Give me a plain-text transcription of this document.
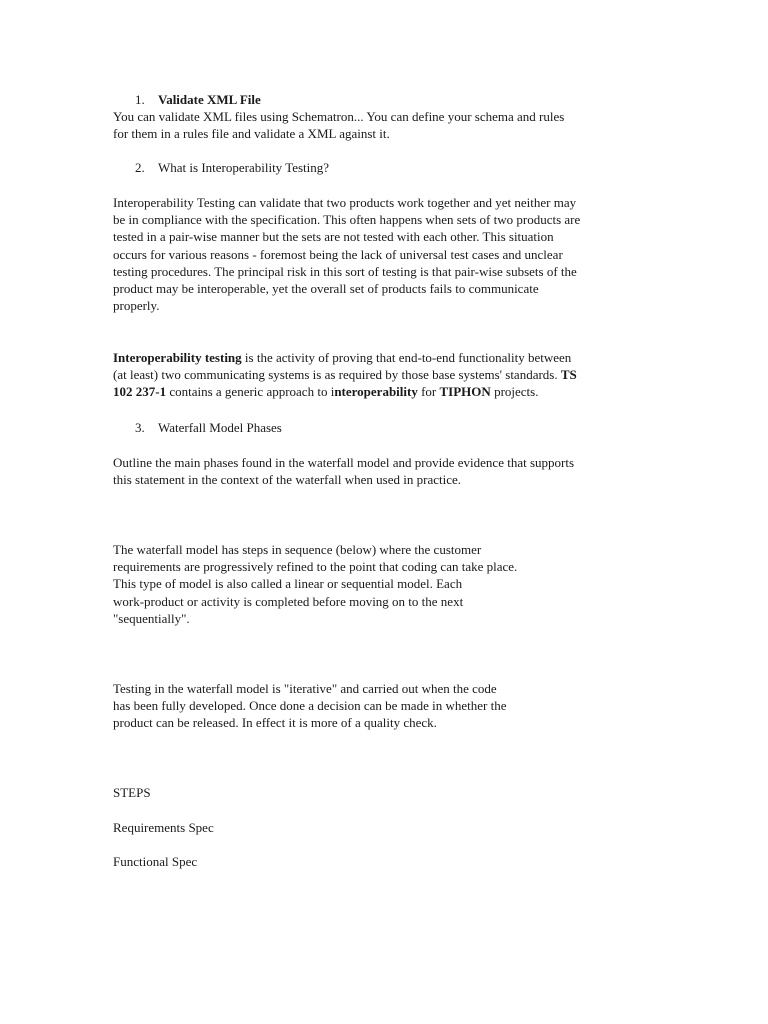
1. Validate XML File

You can validate XML files using Schematron... You can define your schema and rules
for them in a rules file and validate a XML against it.

2. What is Interoperability Testing?

Interoperability Testing can validate that two products work together and yet neither may
be in compliance with the specification. This often happens when sets of two products are
tested in a pair-wise manner but the sets are not tested with each other. This situation
occurs for various reasons - foremost being the lack of universal test cases and unclear
testing procedures. The principal risk in this sort of testing is that pair-wise subsets of the
product may be interoperable, yet the overall set of products fails to communicate
properly.

Interoperability testing is the activity of proving that end-to-end functionality between
(at least) two communicating systems is as required by those base systems' standards. TS
102 237-1 contains a generic approach to interoperability for TIPHON projects.

3. Waterfall Model Phases

Outline the main phases found in the waterfall model and provide evidence that supports
this statement in the context of the waterfall when used in practice.

The waterfall model has steps in sequence (below) where the customer
requirements are progressively refined to the point that coding can take place.
This type of model is also called a linear or sequential model. Each
work-product or activity is completed before moving on to the next
"sequentially".

Testing in the waterfall model is "iterative" and carried out when the code
has been fully developed. Once done a decision can be made in whether the
product can be released. In effect it is more of a quality check.

STEPS

Requirements Spec

Functional Spec
